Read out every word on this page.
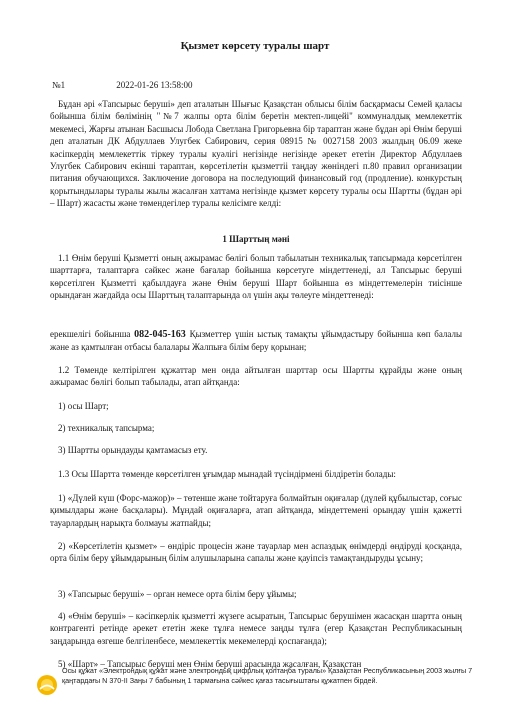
Қызмет көрсету туралы шарт
№1	2022-01-26 13:58:00

Бұдан әрі «Тапсырыс беруші» деп аталатын Шығыс Қазақстан облысы білім басқармасы Семей қаласы бойынша білім бөлімінің "№7 жалпы орта білім беретін мектеп-лицейі" коммуналдық мемлекеттік мекемесі, Жарғы атынан Басшысы Лобода Светлана Григорьевна бір тараптан және бұдан әрі Өнім беруші деп аталатын ДК Абдуллаев Улугбек Сабирович, серия 08915 № 0027158 2003 жылдың 06.09 жеке кәсіпкердің мемлекеттік тіркеу туралы куәлігі негізінде негізінде әрекет ететін Директор Абдуллаев Улугбек Сабирович екінші тараптан, көрсетілетін қызметтіі таңдау жөніндегі п.80 правил организации питания обучающихся. Заключение договора на последующий финансовый год (продление). конкурстың қорытындылары туралы жылы жасалған хаттама негізінде қызмет көрсету туралы осы Шартты (бұдан әрі – Шарт) жасасты және төмендегілер туралы келісімге келді:

1 Шарттың мәні

1.1 Өнім беруші Қызметті оның ажырамас бөлігі болып табылатын техникалық тапсырмада көрсетілген шарттарға, талаптарға сәйкес және бағалар бойынша көрсетуге міндеттенеді, ал Тапсырыс беруші көрсетілген Қызметті қабылдауға және Өнім беруші Шарт бойынша өз міндеттемелерін тиісінше орындаған жағдайда осы Шарттың талаптарында ол үшін ақы төлеуге міндеттенеді:

ерекшелігі бойынша 082-045-163 Қызметтер үшін ыстық тамақты ұйымдастыру бойынша көп балалы және аз қамтылған отбасы балалары Жалпыға білім беру қорынан;

1.2 Төменде келтірілген құжаттар мен онда айтылған шарттар осы Шартты құрайды және оның ажырамас бөлігі болып табылады, атап айтқанда:

1) осы Шарт;

2) техникалық тапсырма;

3) Шартты орындауды қамтамасыз ету.

1.3 Осы Шартта төменде көрсетілген ұғымдар мынадай түсіндірмені білдіретін болады:

1) «Дүлей күш (Форс-мажор)» – төтенше және тойтаруға болмайтын оқиғалар (дүлей құбылыстар, соғыс қимылдары және басқалары). Мұндай оқиғаларға, атап айтқанда, міндеттемені орындау үшін қажетті тауарлардың нарықта болмауы жатпайды;

2) «Көрсетілетін қызмет» – өндіріс процесін және тауарлар мен аспаздық өнімдерді өндіруді қосқанда, орта білім беру ұйымдарының білім алушыларына сапалы және қауіпсіз тамақтандыруды ұсыну;

3) «Тапсырыс беруші» – орган немесе орта білім беру ұйымы;

4) «Өнім беруші» – кәсіпкерлік қызметті жүзеге асыратын, Тапсырыс берушімен жасасқан шартта оның контрагенті ретінде әрекет ететін жеке тұлға немесе заңды тұлға (егер Қазақстан Республикасының заңдарында өзгеше белгіленбесе, мемлекеттік мекемелерді қоспағанда);

5) «Шарт» – Тапсырыс беруші мен Өнім беруші арасында жасалған, Қазақстан

Осы құжат «Электрондық құжат және электрондық цифрлық қолтаңба туралы» Қазақстан Республикасының 2003 жылғы 7 қаңтардағы N 370-II Заңы 7 бабының 1 тармағына сәйкес қағаз тасығыштағы құжатпен бірдей.
